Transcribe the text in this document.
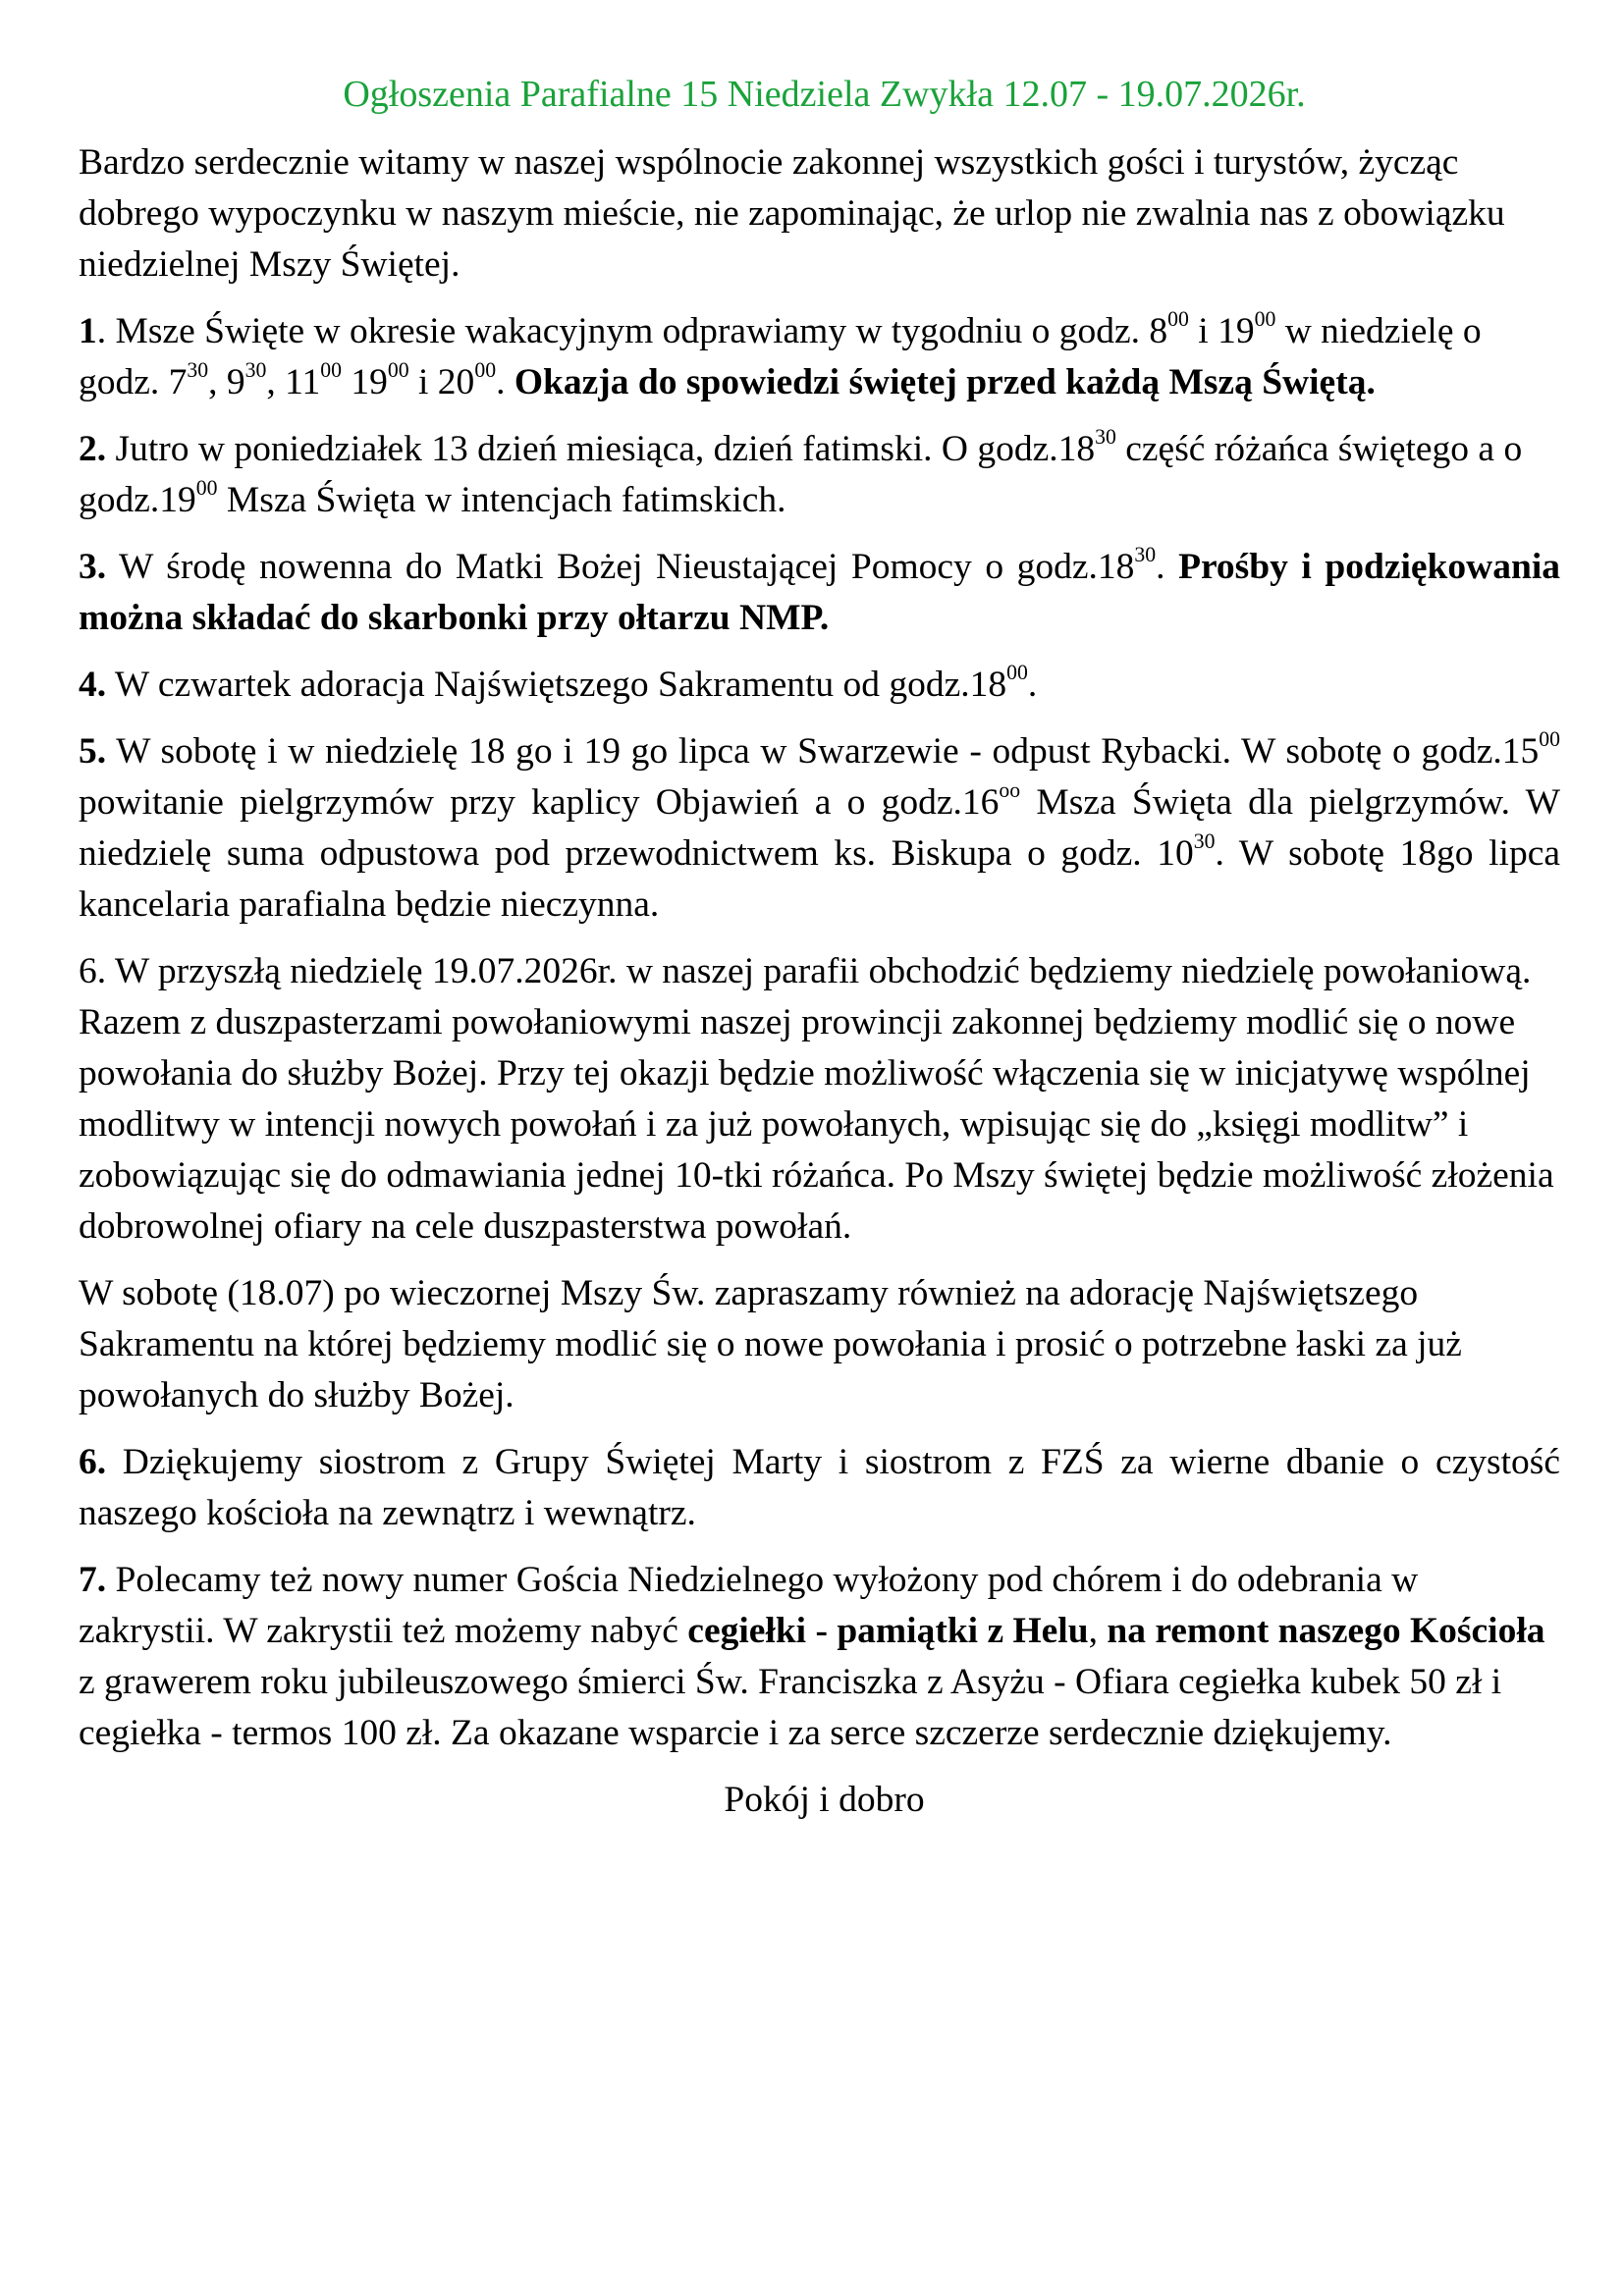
Ogłoszenia Parafialne 15 Niedziela Zwykła 12.07 - 19.07.2026r.

Bardzo serdecznie witamy w naszej wspólnocie zakonnej wszystkich gości i turystów, życząc dobrego wypoczynku w naszym mieście, nie zapominając, że urlop nie zwalnia nas z obowiązku niedzielnej Mszy Świętej.

1. Msze Święte w okresie wakacyjnym odprawiamy w tygodniu o godz. $8^{00}$ i $19^{00}$ w niedzielę o godz. $7^{30}$, $9^{30}$, $11^{00}$ $19^{00}$ i $20^{00}$. Okazja do spowiedzi świętej przed każdą Mszą Świętą.

2. Jutro w poniedziałek 13 dzień miesiąca, dzień fatimski. O $godz.18^{30}$ część różańca świętego a o $godz.19^{00}$ Msza Święta w intencjach fatimskich.

3. W środę nowenna do Matki Bożej Nieustającej Pomocy o $godz.18^{30}$. Prośby i podziękowania można składać do skarbonki przy ołtarzu NMP.

4. W czwartek adoracja Najświętszego Sakramentu od $godz.18^{00}$.

5. W sobotę i w niedzielę 18 go i 19 go lipca w Swarzewie - odpust Rybacki. W sobotę o $godz.15^{00}$ powitanie pielgrzymów przy kaplicy Objawień a o $godz.16^{oo}$ Msza Święta dla pielgrzymów. W niedzielę suma odpustowa pod przewodnictwem ks. Biskupa o godz. $10^{30}$. W sobotę 18go lipca kancelaria parafialna będzie nieczynna.

6. W przyszłą niedzielę 19.07.2026r. w naszej parafii obchodzić będziemy niedzielę powołaniową. Razem z duszpasterzami powołaniowymi naszej prowincji zakonnej będziemy modlić się o nowe powołania do służby Bożej. Przy tej okazji będzie możliwość włączenia się w inicjatywę wspólnej modlitwy w intencji nowych powołań i za już powołanych, wpisując się do „księgi modlitw” i zobowiązując się do odmawiania jednej 10-tki różańca. Po Mszy świętej będzie możliwość złożenia dobrowolnej ofiary na cele duszpasterstwa powołań.

W sobotę (18.07) po wieczornej Mszy Św. zapraszamy również na adorację Najświętszego Sakramentu na której będziemy modlić się o nowe powołania i prosić o potrzebne łaski za już powołanych do służby Bożej.

6. Dziękujemy siostrom z Grupy Świętej Marty i siostrom z FZŚ za wierne dbanie o czystość naszego kościoła na zewnątrz i wewnątrz.

7. Polecamy też nowy numer Gościa Niedzielnego wyłożony pod chórem i do odebrania w zakrystii. W zakrystii też możemy nabyć cegiełki - pamiątki z Helu, na remont naszego Kościoła z grawerem roku jubileuszowego śmierci Św. Franciszka z Asyżu - Ofiara cegiełka kubek 50 zł i cegiełka - termos 100 zł. Za okazane wsparcie i za serce szczerze serdecznie dziękujemy.

Pokój i dobro
